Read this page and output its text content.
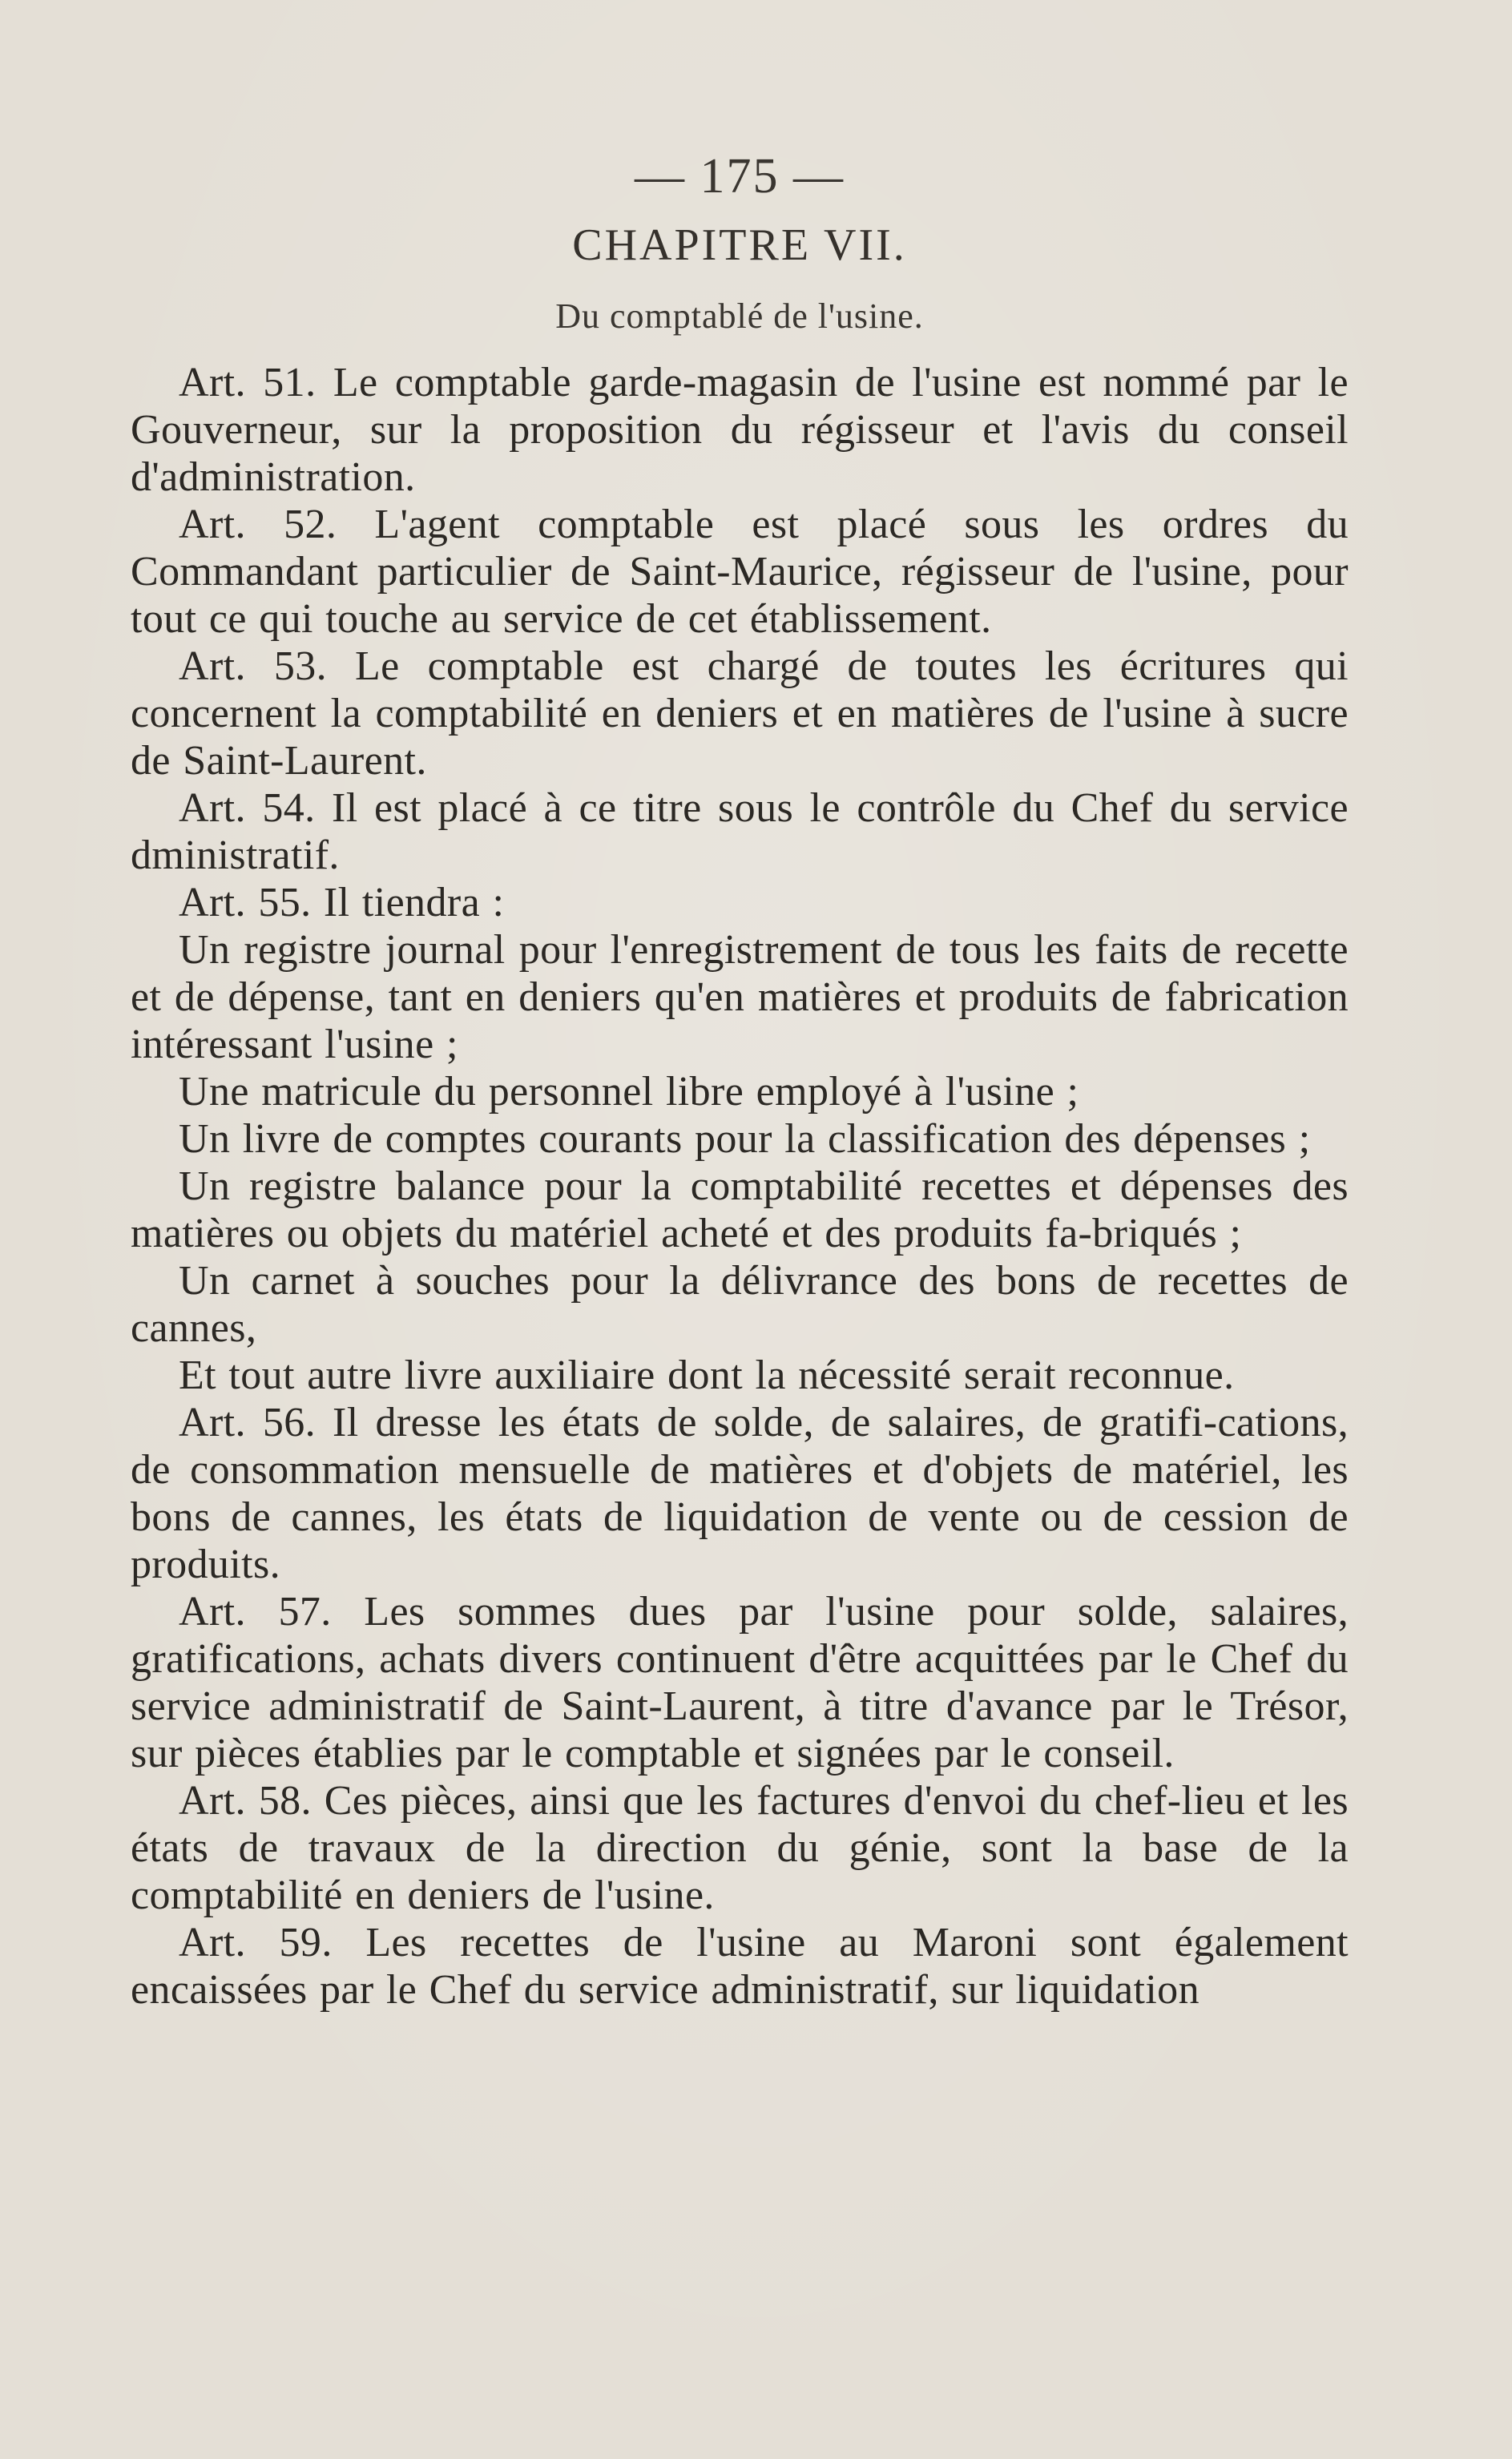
— 175 —
CHAPITRE VII.
Du comptablé de l'usine.

Art. 51. Le comptable garde-magasin de l'usine est nommé par le Gouverneur, sur la proposition du régisseur et l'avis du conseil d'administration.

Art. 52. L'agent comptable est placé sous les ordres du Commandant particulier de Saint-Maurice, régisseur de l'usine, pour tout ce qui touche au service de cet établissement.

Art. 53. Le comptable est chargé de toutes les écritures qui concernent la comptabilité en deniers et en matières de l'usine à sucre de Saint-Laurent.

Art. 54. Il est placé à ce titre sous le contrôle du Chef du service dministratif.

Art. 55. Il tiendra :

Un registre journal pour l'enregistrement de tous les faits de recette et de dépense, tant en deniers qu'en matières et produits de fabrication intéressant l'usine ;

Une matricule du personnel libre employé à l'usine ;

Un livre de comptes courants pour la classification des dépenses ;

Un registre balance pour la comptabilité recettes et dépenses des matières ou objets du matériel acheté et des produits fa-briqués ;

Un carnet à souches pour la délivrance des bons de recettes de cannes,

Et tout autre livre auxiliaire dont la nécessité serait reconnue.

Art. 56. Il dresse les états de solde, de salaires, de gratifi-cations, de consommation mensuelle de matières et d'objets de matériel, les bons de cannes, les états de liquidation de vente ou de cession de produits.

Art. 57. Les sommes dues par l'usine pour solde, salaires, gratifications, achats divers continuent d'être acquittées par le Chef du service administratif de Saint-Laurent, à titre d'avance par le Trésor, sur pièces établies par le comptable et signées par le conseil.

Art. 58. Ces pièces, ainsi que les factures d'envoi du chef-lieu et les états de travaux de la direction du génie, sont la base de la comptabilité en deniers de l'usine.

Art. 59. Les recettes de l'usine au Maroni sont également encaissées par le Chef du service administratif, sur liquidation
